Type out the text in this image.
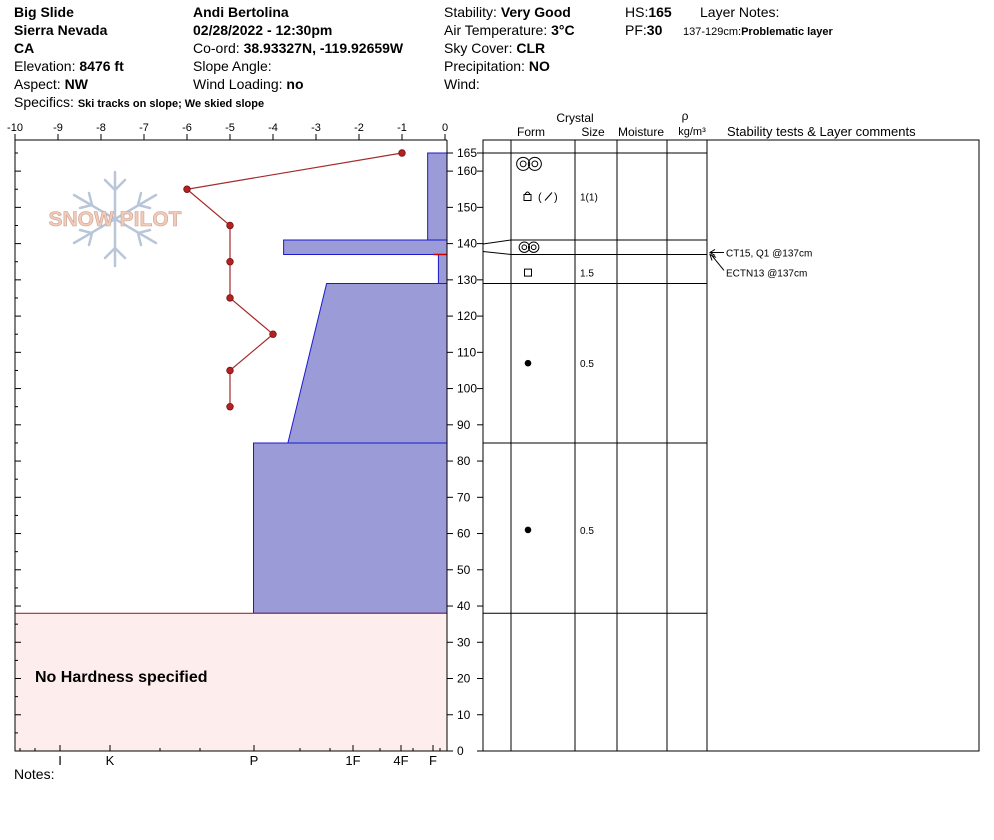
Big Slide
Sierra Nevada
CA
Elevation: 8476 ft
Aspect: NW
Specifics: Ski tracks on slope; We skied slope
Andi Bertolina
02/28/2022 - 12:30pm
Co-ord: 38.93327N, -119.92659W
Slope Angle:
Wind Loading: no
Stability: Very Good
Air Temperature: 3°C
Sky Cover: CLR
Precipitation: NO
Wind:
HS:165
PF:30
Layer Notes:
137-129cm:Problematic layer
SNOW PILOT
No Hardness specified
-10	-9	-8	-7	-6	-5	-4	-3	-2	-1	0
I	K	P	1F	4F F
165
160
150
140
130
120
110
100
90
80
70
60
50
40
30
20
10
0
Crystal
Form	Size Moisture
ρ
kg/m³ Stability tests & Layer comments
( ) 1(1)
1.5
0.5
0.5
CT15, Q1 @137cm
ECTN13 @137cm
Notes:
